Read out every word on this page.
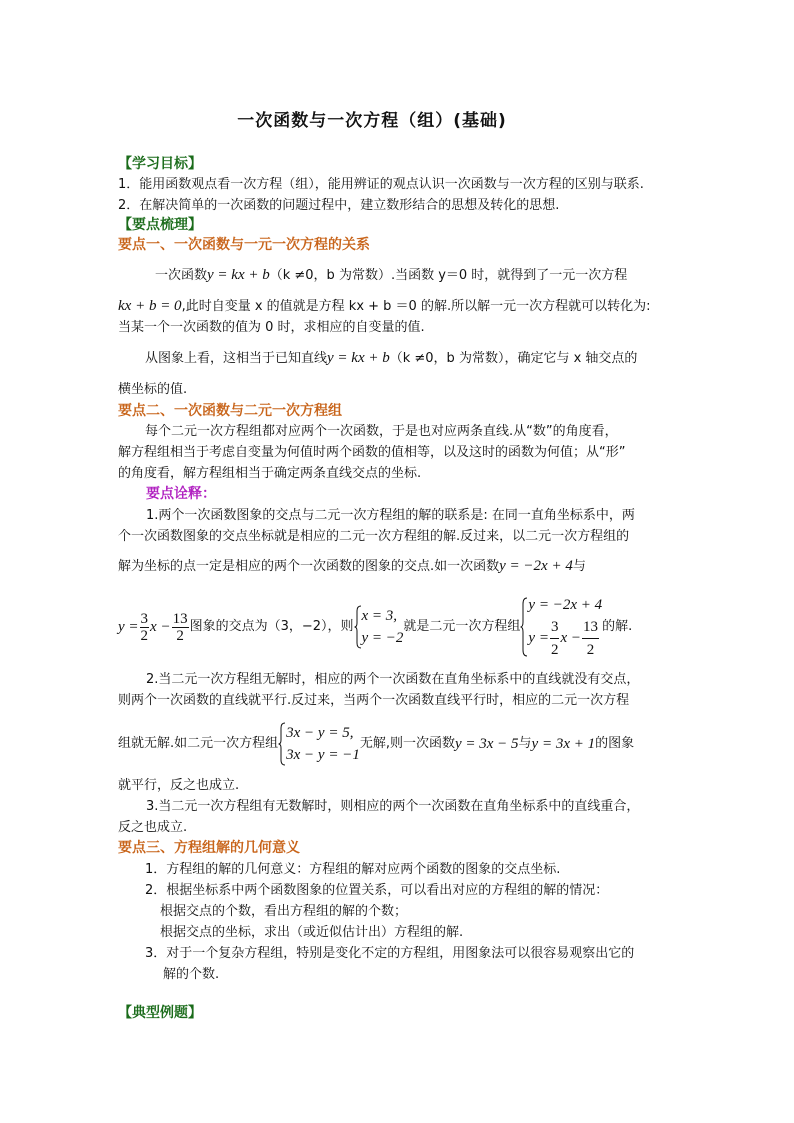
一次函数与一次方程（组）(基础)
【学习目标】
1．能用函数观点看一次方程（组），能用辨证的观点认识一次函数与一次方程的区别与联系.
2．在解决简单的一次函数的问题过程中，建立数形结合的思想及转化的思想.
【要点梳理】
要点一、一次函数与一元一次方程的关系
一次函数y = kx + b（k ≠0，b 为常数）.当函数 y＝0 时，就得到了一元一次方程
kx + b = 0,此时自变量 x 的值就是方程 kx + b ＝0 的解.所以解一元一次方程就可以转化为:
当某一个一次函数的值为 0 时，求相应的自变量的值.
从图象上看，这相当于已知直线y = kx + b（k ≠0，b 为常数），确定它与 x 轴交点的
横坐标的值.
要点二、一次函数与二元一次方程组
每个二元一次方程组都对应两个一次函数，于是也对应两条直线.从“数”的角度看，
解方程组相当于考虑自变量为何值时两个函数的值相等，以及这时的函数为何值；从“形”
的角度看，解方程组相当于确定两条直线交点的坐标.
要点诠释：
1.两个一次函数图象的交点与二元一次方程组的解的联系是: 在同一直角坐标系中，两
个一次函数图象的交点坐标就是相应的二元一次方程组的解.反过来，以二元一次方程组的
解为坐标的点一定是相应的两个一次函数的图象的交点.如一次函数y = −2x + 4与
$y = \frac{3}{2}$ $x - \frac{13}{2}$ 图象的交点为（3，−2），则
x = 3,
y = −2
就是二元一次方程组
y = −2x + 4
$y = \frac{3}{2}$ $x - \frac{13}{2}$ 的解.
2.当二元一次方程组无解时，相应的两个一次函数在直角坐标系中的直线就没有交点，
则两个一次函数的直线就平行.反过来，当两个一次函数直线平行时，相应的二元一次方程
组就无解.如二元一次方程组
3x − y = 5,
3x − y = −1
无解,则一次函数 y = 3x − 5 与 y = 3x + 1 的图象
就平行，反之也成立.
3.当二元一次方程组有无数解时，则相应的两个一次函数在直角坐标系中的直线重合，
反之也成立.
要点三、方程组解的几何意义
1．方程组的解的几何意义：方程组的解对应两个函数的图象的交点坐标.
2．根据坐标系中两个函数图象的位置关系，可以看出对应的方程组的解的情况：
根据交点的个数，看出方程组的解的个数；
根据交点的坐标，求出（或近似估计出）方程组的解.
3．对于一个复杂方程组，特别是变化不定的方程组，用图象法可以很容易观察出它的
解的个数.
【典型例题】
